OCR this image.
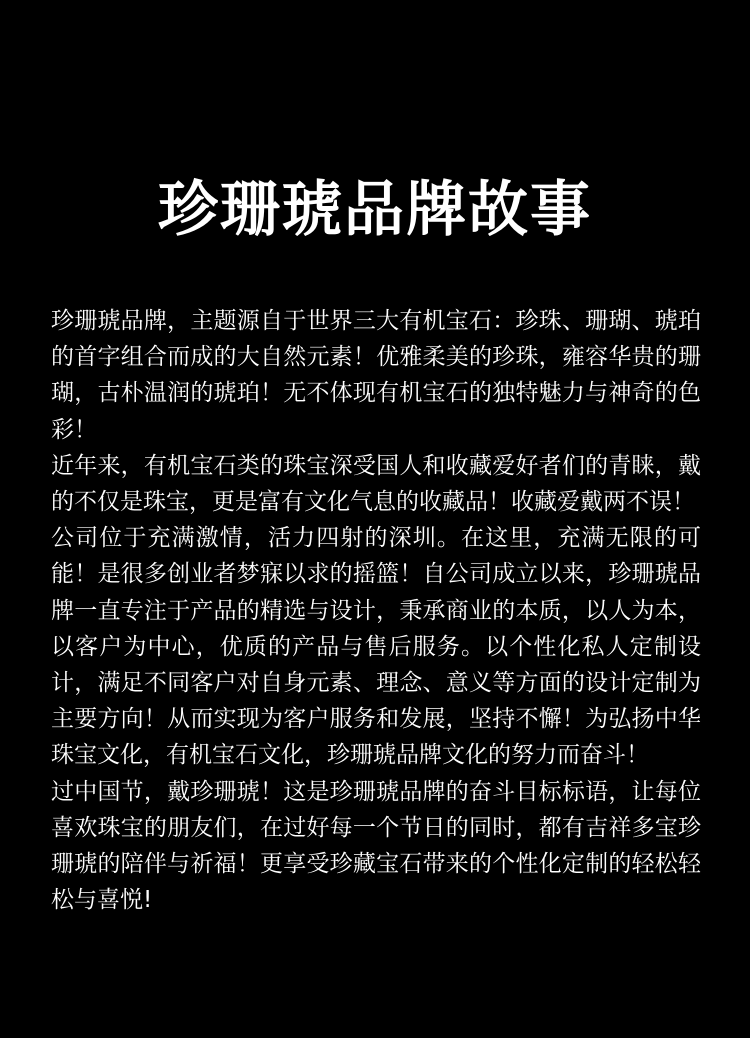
珍珊琥品牌故事

珍珊琥品牌，主题源自于世界三大有机宝石：珍珠、珊瑚、琥珀的首字组合而成的大自然元素！优雅柔美的珍珠，雍容华贵的珊瑚，古朴温润的琥珀！无不体现有机宝石的独特魅力与神奇的色彩！

近年来，有机宝石类的珠宝深受国人和收藏爱好者们的青睐，戴的不仅是珠宝，更是富有文化气息的收藏品！收藏爱戴两不误！

公司位于充满激情，活力四射的深圳。在这里，充满无限的可能！是很多创业者梦寐以求的摇篮！自公司成立以来，珍珊琥品牌一直专注于产品的精选与设计，秉承商业的本质，以人为本，以客户为中心，优质的产品与售后服务。以个性化私人定制设计，满足不同客户对自身元素、理念、意义等方面的设计定制为主要方向！从而实现为客户服务和发展，坚持不懈！为弘扬中华珠宝文化，有机宝石文化，珍珊琥品牌文化的努力而奋斗！

过中国节，戴珍珊琥！这是珍珊琥品牌的奋斗目标标语，让每位喜欢珠宝的朋友们，在过好每一个节日的同时，都有吉祥多宝珍珊琥的陪伴与祈福！更享受珍藏宝石带来的个性化定制的轻松轻松与喜悦!
